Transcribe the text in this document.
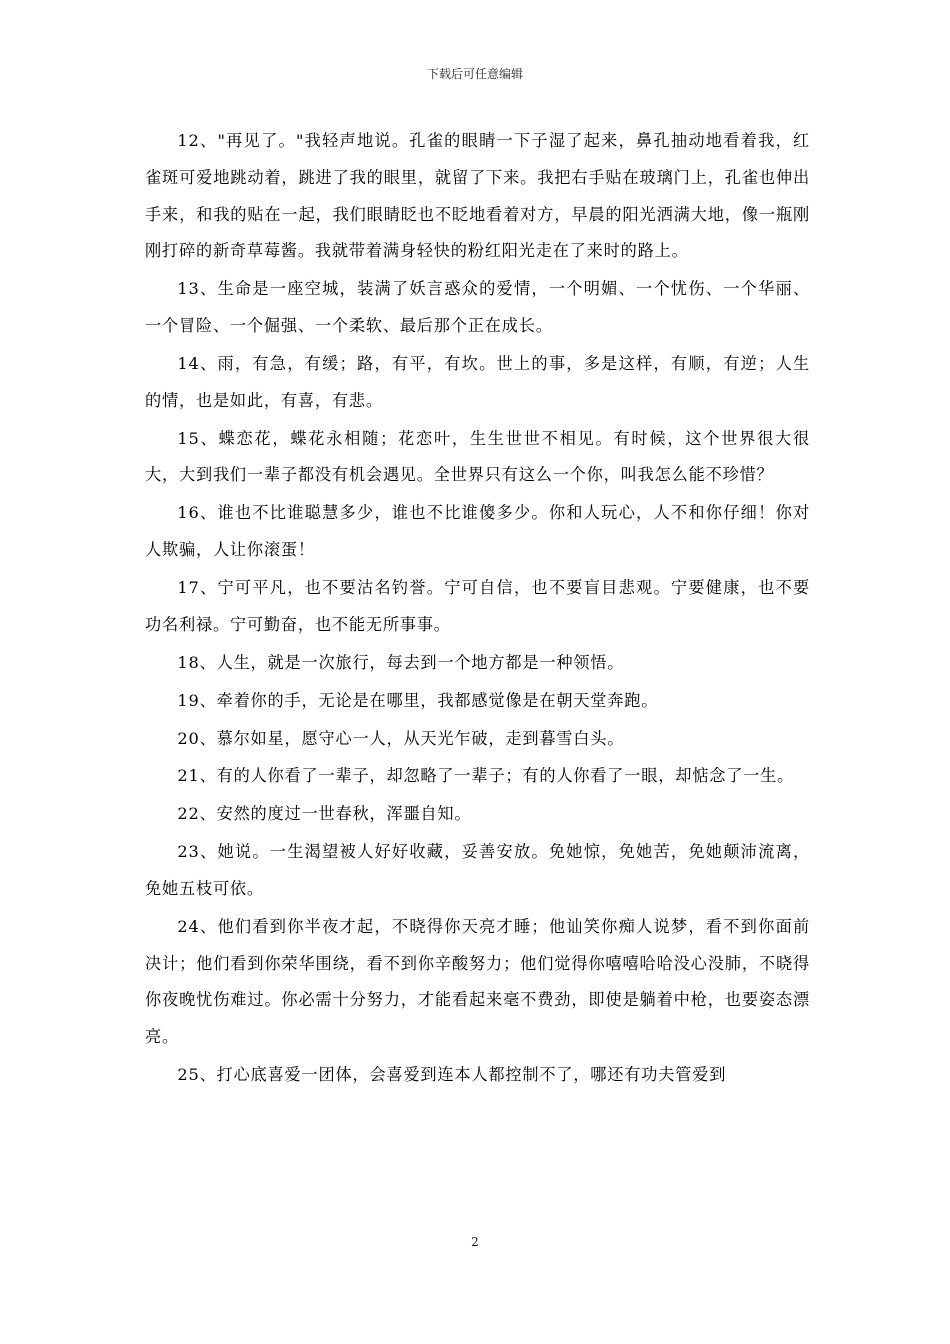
下载后可任意编辑

12、"再见了。"我轻声地说。孔雀的眼睛一下子湿了起来，鼻孔抽动地看着我，红雀斑可爱地跳动着，跳进了我的眼里，就留了下来。我把右手贴在玻璃门上，孔雀也伸出手来，和我的贴在一起，我们眼睛眨也不眨地看着对方，早晨的阳光洒满大地，像一瓶刚刚打碎的新奇草莓酱。我就带着满身轻快的粉红阳光走在了来时的路上。

13、生命是一座空城，装满了妖言惑众的爱情，一个明媚、一个忧伤、一个华丽、一个冒险、一个倔强、一个柔软、最后那个正在成长。

14、雨，有急，有缓；路，有平，有坎。世上的事，多是这样，有顺，有逆；人生的情，也是如此，有喜，有悲。

15、蝶恋花，蝶花永相随；花恋叶，生生世世不相见。有时候，这个世界很大很大，大到我们一辈子都没有机会遇见。全世界只有这么一个你，叫我怎么能不珍惜？

16、谁也不比谁聪慧多少，谁也不比谁傻多少。你和人玩心，人不和你仔细！你对人欺骗，人让你滚蛋！

17、宁可平凡，也不要沽名钓誉。宁可自信，也不要盲目悲观。宁要健康，也不要功名利禄。宁可勤奋，也不能无所事事。

18、人生，就是一次旅行，每去到一个地方都是一种领悟。

19、牵着你的手，无论是在哪里，我都感觉像是在朝天堂奔跑。

20、慕尔如星，愿守心一人，从天光乍破，走到暮雪白头。

21、有的人你看了一辈子，却忽略了一辈子；有的人你看了一眼，却惦念了一生。

22、安然的度过一世春秋，浑噩自知。

23、她说。一生渴望被人好好收藏，妥善安放。免她惊，免她苦，免她颠沛流离，免她五枝可依。

24、他们看到你半夜才起，不晓得你天亮才睡；他讪笑你痴人说梦，看不到你面前决计；他们看到你荣华围绕，看不到你辛酸努力；他们觉得你嘻嘻哈哈没心没肺，不晓得你夜晚忧伤难过。你必需十分努力，才能看起来毫不费劲，即使是躺着中枪，也要姿态漂亮。

25、打心底喜爱一团体，会喜爱到连本人都控制不了，哪还有功夫管爱到

2
